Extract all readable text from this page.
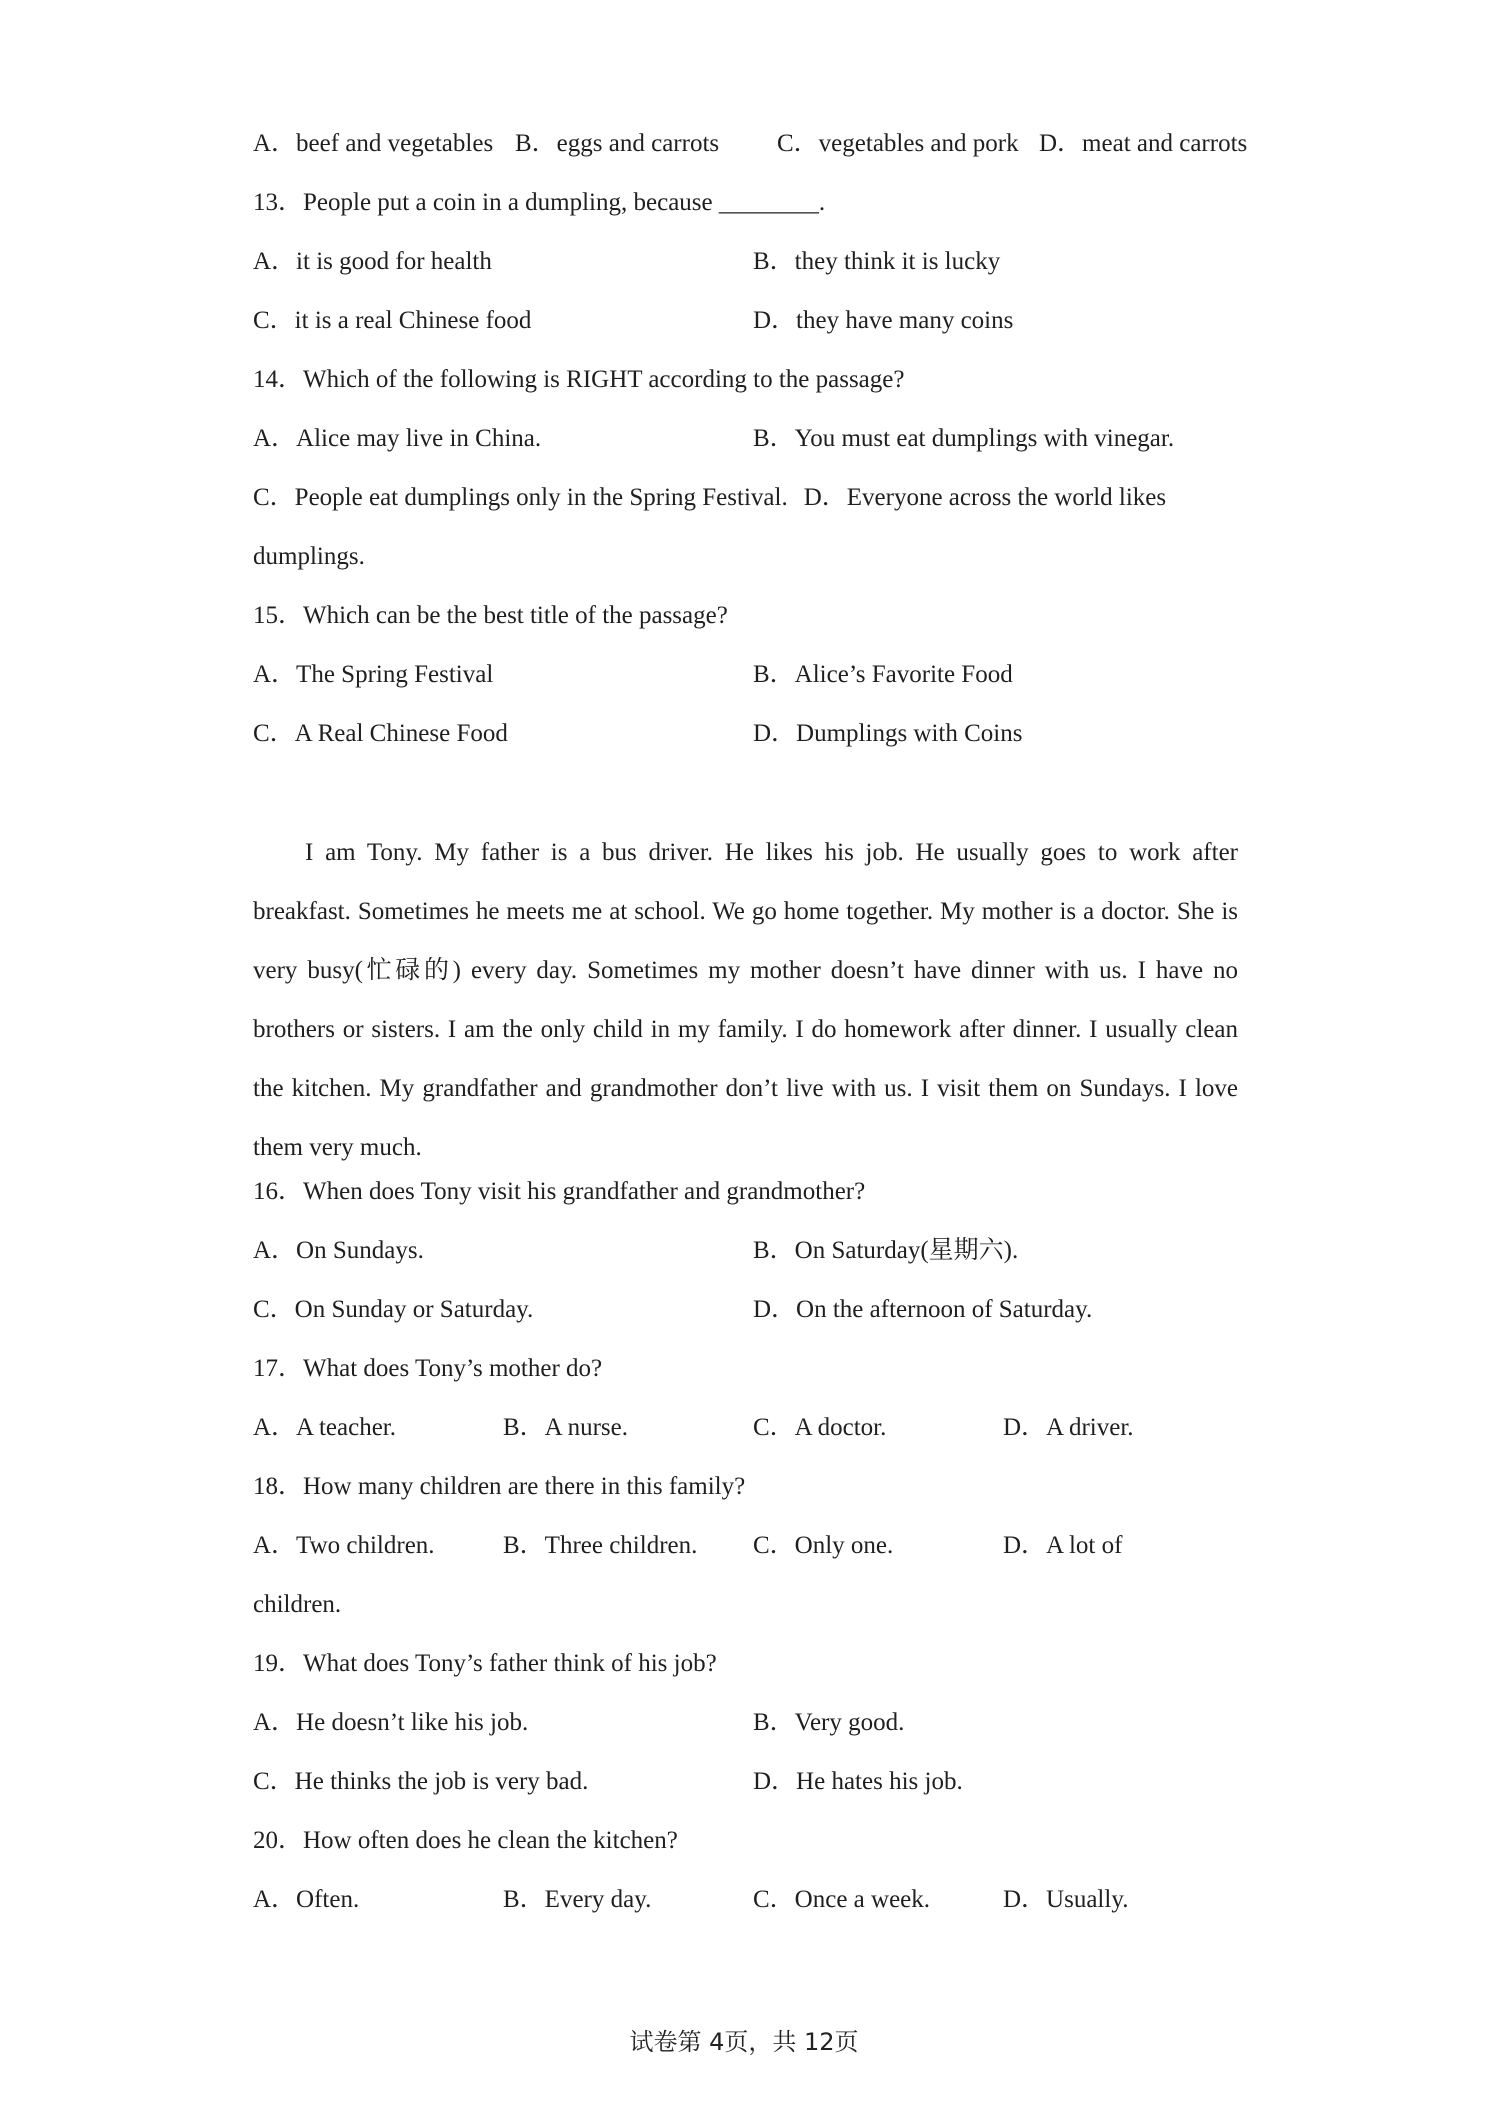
A．beef and vegetables B．eggs and carrots	C．vegetables and pork D．meat and carrots
13．People put a coin in a dumpling, because ________.
A．it is good for health	B．they think it is lucky
C．it is a real Chinese food	D．they have many coins
14．Which of the following is RIGHT according to the passage?
A．Alice may live in China.	B．You must eat dumplings with vinegar.
C．People eat dumplings only in the Spring Festival. D．Everyone across the world likes
dumplings.
15．Which can be the best title of the passage?
A．The Spring Festival	B．Alice’s Favorite Food
C．A Real Chinese Food	D．Dumplings with Coins

I am Tony. My father is a bus driver. He likes his job. He usually goes to work after breakfast. Sometimes he meets me at school. We go home together. My mother is a doctor. She is very busy(忙碌的) every day. Sometimes my mother doesn’t have dinner with us. I have no brothers or sisters. I am the only child in my family. I do homework after dinner. I usually clean the kitchen. My grandfather and grandmother don’t live with us. I visit them on Sundays. I love them very much.

16．When does Tony visit his grandfather and grandmother?
A．On Sundays.	B．On Saturday(星期六).
C．On Sunday or Saturday.	D．On the afternoon of Saturday.
17．What does Tony’s mother do?
A．A teacher.	B．A nurse.	C．A doctor.	D．A driver.
18．How many children are there in this family?
A．Two children.	B．Three children.	C．Only one.	D．A lot of
children.
19．What does Tony’s father think of his job?
A．He doesn’t like his job.	B．Very good.
C．He thinks the job is very bad.	D．He hates his job.
20．How often does he clean the kitchen?
A．Often.	B．Every day.	C．Once a week.	D．Usually.
试卷第 4页，共 12页
